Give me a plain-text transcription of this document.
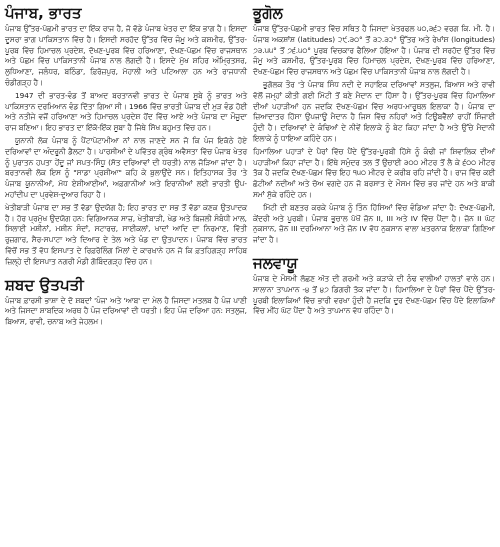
ਪੰਜਾਬ, ਭਾਰਤ

ਪੰਜਾਬ ਉੱਤਰ-ਪੱਛਮੀ ਭਾਰਤ ਦਾ ਇੱਕ ਰਾਜ ਹੈ, ਜੋ ਵੱਡੇ ਪੰਜਾਬ ਖੇਤਰ ਦਾ ਇੱਕ ਭਾਗ ਹੈ। ਇਸਦਾ ਦੂਸਰਾ ਭਾਗ ਪਾਕਿਸਤਾਨ ਵਿੱਚ ਹੈ। ਇਸਦੀ ਸਰਹੱਦ ਉੱਤਰ ਵਿੱਚ ਜੰਮੂ ਅਤੇ ਕਸ਼ਮੀਰ, ਉੱਤਰ-ਪੂਰਬ ਵਿੱਚ ਹਿਮਾਚਲ ਪ੍ਰਦੇਸ਼, ਦੱਖਣ-ਪੂਰਬ ਵਿੱਚ ਹਰਿਆਣਾ, ਦੱਖਣ-ਪੱਛਮ ਵਿੱਚ ਰਾਜਸਥਾਨ ਅਤੇ ਪੱਛਮ ਵਿੱਚ ਪਾਕਿਸਤਾਨੀ ਪੰਜਾਬ ਨਾਲ ਲੱਗਦੀ ਹੈ। ਇਸਦੇ ਮੁੱਖ ਸ਼ਹਿਰ ਅੰਮ੍ਰਿਤਸਰ, ਲੁਧਿਆਣਾ, ਜਲੰਧਰ, ਬਠਿੰਡਾ, ਫ਼ਿਰੋਜ਼ਪੁਰ, ਮੋਹਾਲੀ ਅਤੇ ਪਟਿਆਲਾ ਹਨ ਅਤੇ ਰਾਜਧਾਨੀ ਚੰਡੀਗੜ੍ਹ ਹੈ।

1947 ਦੀ ਭਾਰਤ-ਵੰਡ ਤੋਂ ਬਾਅਦ ਬਰਤਾਨਵੀ ਭਾਰਤ ਦੇ ਪੰਜਾਬ ਸੂਬੇ ਨੂੰ ਭਾਰਤ ਅਤੇ ਪਾਕਿਸਤਾਨ ਦਰਮਿਆਨ ਵੰਡ ਦਿੱਤਾ ਗਿਆ ਸੀ। 1966 ਵਿੱਚ ਭਾਰਤੀ ਪੰਜਾਬ ਦੀ ਮੁੜ ਵੰਡ ਹੋਈ ਅਤੇ ਨਤੀਜੇ ਵਜੋਂ ਹਰਿਆਣਾ ਅਤੇ ਹਿਮਾਚਲ ਪ੍ਰਦੇਸ਼ ਹੋਂਦ ਵਿੱਚ ਆਏ ਅਤੇ ਪੰਜਾਬ ਦਾ ਮੌਜੂਦਾ ਰਾਜ ਬਣਿਆ। ਇਹ ਭਾਰਤ ਦਾ ਇੱਕੋ-ਇੱਕ ਸੂਬਾ ਹੈ ਜਿੱਥੇ ਸਿੱਖ ਬਹੁਮਤ ਵਿੱਚ ਹਨ।

ਯੂਨਾਨੀ ਲੋਕ ਪੰਜਾਬ ਨੂੰ ਪੈਂਟਾਪੋਟਾਮੀਆ ਨਾਂ ਨਾਲ ਜਾਣਦੇ ਸਨ ਜੋ ਕਿ ਪੰਜ ਇਕੱਠੇ ਹੋਏ ਦਰਿਆਵਾਂ ਦਾ ਅੰਦਰੂਨੀ ਡੈਲਟਾ ਹੈ। ਪਾਰਸੀਆਂ ਦੇ ਪਵਿੱਤਰ ਗ੍ਰੰਥ ਅਵੈਸਤਾ ਵਿੱਚ ਪੰਜਾਬ ਖੇਤਰ ਨੂੰ ਪੁਰਾਤਨ ਹਪਤਾ ਹੇਂਦੂ ਜਾਂ ਸਪਤ-ਸਿੰਧੂ (ਸੱਤ ਦਰਿਆਵਾਂ ਦੀ ਧਰਤੀ) ਨਾਲ ਜੋੜਿਆ ਜਾਂਦਾ ਹੈ। ਬਰਤਾਨਵੀ ਲੋਕ ਇਸ ਨੂੰ "ਸਾਡਾ ਪ੍ਰਸ਼ੀਆ" ਕਹਿ ਕੇ ਬੁਲਾਉਂਦੇ ਸਨ। ਇਤਿਹਾਸਕ ਤੌਰ 'ਤੇ ਪੰਜਾਬ ਯੂਨਾਨੀਆਂ, ਮੱਧ ਏਸ਼ੀਆਈਆਂ, ਅਫ਼ਗਾਨੀਆਂ ਅਤੇ ਇਰਾਨੀਆਂ ਲਈ ਭਾਰਤੀ ਉਪ-ਮਹਾਂਦੀਪ ਦਾ ਪ੍ਰਵੇਸ਼-ਦੁਆਰ ਰਿਹਾ ਹੈ।

ਖੇਤੀਬਾੜੀ ਪੰਜਾਬ ਦਾ ਸਭ ਤੋਂ ਵੱਡਾ ਉਦਯੋਗ ਹੈ; ਇਹ ਭਾਰਤ ਦਾ ਸਭ ਤੋਂ ਵੱਡਾ ਕਣਕ ਉਤਪਾਦਕ ਹੈ। ਹੋਰ ਪ੍ਰਮੁੱਖ ਉਦਯੋਗ ਹਨ: ਵਿਗਿਆਨਕ ਸਾਜ਼, ਖੇਤੀਬਾੜੀ, ਖੇਡ ਅਤੇ ਬਿਜਲੀ ਸੰਬੰਧੀ ਮਾਲ, ਸਿਲਾਈ ਮਸ਼ੀਨਾਂ, ਮਸ਼ੀਨ ਸੰਦਾਂ, ਸਟਾਰਚ, ਸਾਈਕਲਾਂ, ਖਾਦਾਂ ਆਦਿ ਦਾ ਨਿਰਮਾਣ, ਵਿੱਤੀ ਰੁਜ਼ਗਾਰ, ਸੈਰ-ਸਪਾਟਾ ਅਤੇ ਦਿਆਰ ਦੇ ਤੇਲ ਅਤੇ ਖੰਡ ਦਾ ਉਤਪਾਦਨ। ਪੰਜਾਬ ਵਿੱਚ ਭਾਰਤ ਵਿੱਚੋਂ ਸਭ ਤੋਂ ਵੱਧ ਇਸਪਾਤ ਦੇ ਰਿਫ਼ਰੋਲਿੰਗ ਮਿੱਲਾਂ ਦੇ ਕਾਰਖ਼ਾਨੇ ਹਨ ਜੋ ਕਿ ਫ਼ਤਹਿਗੜ੍ਹ ਸਾਹਿਬ ਜ਼ਿਲ੍ਹੇ ਦੀ ਇਸਪਾਤ ਨਗਰੀ ਮੰਡੀ ਗੋਬਿੰਦਗੜ੍ਹ ਵਿੱਚ ਹਨ।

ਸ਼ਬਦ ਉਤਪਤੀ

ਪੰਜਾਬ ਫ਼ਾਰਸੀ ਭਾਸ਼ਾ ਦੇ ਦੋ ਸ਼ਬਦਾਂ 'ਪੰਜ' ਅਤੇ 'ਆਬ' ਦਾ ਮੇਲ ਹੈ ਜਿਸਦਾ ਮਤਲਬ ਹੈ ਪੰਜ ਪਾਣੀ ਅਤੇ ਜਿਸਦਾ ਸ਼ਾਬਦਿਕ ਅਰਥ ਹੈ ਪੰਜ ਦਰਿਆਵਾਂ ਦੀ ਧਰਤੀ। ਇਹ ਪੰਜ ਦਰਿਆ ਹਨ: ਸਤਲੁਜ, ਬਿਆਸ, ਰਾਵੀ, ਚਨਾਬ ਅਤੇ ਜੇਹਲਮ।

ਭੂਗੋਲ

ਪੰਜਾਬ ਉੱਤਰ-ਪੱਛਮੀ ਭਾਰਤ ਵਿੱਚ ਸਥਿਤ ਹੈ ਜਿਸਦਾ ਖੇਤਰਫਲ ੫੦,੩੬੨ ਵਰਗ ਕਿ. ਮੀ. ਹੈ। ਪੰਜਾਬ ਅਕਸ਼ਾਂਸ਼ (latitudes) ੨੯.੩੦° ਤੋਂ ੩੨.੩੨° ਉੱਤਰ ਅਤੇ ਰੇਖਾਂਸ਼ (longitudes) ੭੩.੫੫° ਤੋਂ ੭੬.੫੦° ਪੂਰਬ ਵਿਚਕਾਰ ਫੈਲਿਆ ਹੋਇਆ ਹੈ। ਪੰਜਾਬ ਦੀ ਸਰਹੱਦ ਉੱਤਰ ਵਿੱਚ ਜੰਮੂ ਅਤੇ ਕਸ਼ਮੀਰ, ਉੱਤਰ-ਪੂਰਬ ਵਿੱਚ ਹਿਮਾਚਲ ਪ੍ਰਦੇਸ਼, ਦੱਖਣ-ਪੂਰਬ ਵਿੱਚ ਹਰਿਆਣਾ, ਦੱਖਣ-ਪੱਛਮ ਵਿੱਚ ਰਾਜਸਥਾਨ ਅਤੇ ਪੱਛਮ ਵਿੱਚ ਪਾਕਿਸਤਾਨੀ ਪੰਜਾਬ ਨਾਲ ਲੱਗਦੀ ਹੈ।

ਭੂਗੋਲਕ ਤੌਰ 'ਤੇ ਪੰਜਾਬ ਸਿੰਧ ਨਦੀ ਦੇ ਸਹਾਇਕ ਦਰਿਆਵਾਂ ਸਤਲੁਜ, ਬਿਆਸ ਅਤੇ ਰਾਵੀ ਵੱਲੋਂ ਜਮ੍ਹਾਂ ਕੀਤੀ ਗਈ ਮਿੱਟੀ ਤੋਂ ਬਣੇ ਮੈਦਾਨ ਦਾ ਹਿੱਸਾ ਹੈ। ਉੱਤਰ-ਪੂਰਬ ਵਿੱਚ ਹਿਮਾਲਿਆ ਦੀਆਂ ਪਹਾੜੀਆਂ ਹਨ ਜਦਕਿ ਦੱਖਣ-ਪੱਛਮ ਵਿੱਚ ਅਰਧ-ਮਾਰੂਥਲ ਇਲਾਕਾ ਹੈ। ਪੰਜਾਬ ਦਾ ਜ਼ਿਆਦਾਤਰ ਹਿੱਸਾ ਉਪਜਾਊ ਮੈਦਾਨ ਹੈ ਜਿਸ ਵਿੱਚ ਨਹਿਰਾਂ ਅਤੇ ਟਿਊਬਵੈੱਲਾਂ ਰਾਹੀਂ ਸਿੰਜਾਈ ਹੁੰਦੀ ਹੈ। ਦਰਿਆਵਾਂ ਦੇ ਕੰਢਿਆਂ ਦੇ ਨੀਵੇਂ ਇਲਾਕੇ ਨੂੰ ਬੇਟ ਕਿਹਾ ਜਾਂਦਾ ਹੈ ਅਤੇ ਉੱਚੇ ਮੈਦਾਨੀ ਇਲਾਕੇ ਨੂੰ ਧਾਇਆ ਕਹਿੰਦੇ ਹਨ।

ਹਿਮਾਲਿਆ ਪਹਾੜਾਂ ਦੇ ਪੈਰਾਂ ਵਿੱਚ ਪੈਂਦੇ ਉੱਤਰ-ਪੂਰਬੀ ਹਿੱਸੇ ਨੂੰ ਕੰਢੀ ਜਾਂ ਸ਼ਿਵਾਲਿਕ ਦੀਆਂ ਪਹਾੜੀਆਂ ਕਿਹਾ ਜਾਂਦਾ ਹੈ। ਇੱਥੇ ਸਮੁੰਦਰ ਤਲ ਤੋਂ ਉਚਾਈ ੩੦੦ ਮੀਟਰ ਤੋਂ ਲੈ ਕੇ ੬੦੦ ਮੀਟਰ ਤੱਕ ਹੈ ਜਦਕਿ ਦੱਖਣ-ਪੱਛਮ ਵਿੱਚ ਇਹ ੧੫੦ ਮੀਟਰ ਦੇ ਕਰੀਬ ਰਹਿ ਜਾਂਦੀ ਹੈ। ਰਾਜ ਵਿੱਚ ਕਈ ਛੋਟੀਆਂ ਨਦੀਆਂ ਅਤੇ ਚੋਅ ਵਗਦੇ ਹਨ ਜੋ ਬਰਸਾਤ ਦੇ ਮੌਸਮ ਵਿੱਚ ਭਰ ਜਾਂਦੇ ਹਨ ਅਤੇ ਬਾਕੀ ਸਮਾਂ ਸੁੱਕੇ ਰਹਿੰਦੇ ਹਨ।

ਮਿੱਟੀ ਦੀ ਬਣਤਰ ਕਰਕੇ ਪੰਜਾਬ ਨੂੰ ਤਿੰਨ ਹਿੱਸਿਆਂ ਵਿੱਚ ਵੰਡਿਆ ਜਾਂਦਾ ਹੈ: ਦੱਖਣ-ਪੱਛਮੀ, ਕੇਂਦਰੀ ਅਤੇ ਪੂਰਬੀ। ਪੰਜਾਬ ਭੂਚਾਲ ਪੱਖੋਂ ਜ਼ੋਨ II, III ਅਤੇ IV ਵਿੱਚ ਪੈਂਦਾ ਹੈ। ਜ਼ੋਨ II ਘੱਟ ਨੁਕਸਾਨ, ਜ਼ੋਨ III ਦਰਮਿਆਨਾ ਅਤੇ ਜ਼ੋਨ IV ਵੱਧ ਨੁਕਸਾਨ ਵਾਲਾ ਖ਼ਤਰਨਾਕ ਇਲਾਕਾ ਗਿਣਿਆ ਜਾਂਦਾ ਹੈ।

ਜਲਵਾਯੂ

ਪੰਜਾਬ ਦੇ ਮੌਸਮੀ ਲੱਛਣ ਅੱਤ ਦੀ ਗਰਮੀ ਅਤੇ ਕੜਾਕੇ ਦੀ ਠੰਢ ਵਾਲੀਆਂ ਹਾਲਤਾਂ ਵਾਲੇ ਹਨ। ਸਾਲਾਨਾ ਤਾਪਮਾਨ -੪ ਤੋਂ ੪੭ ਡਿਗਰੀ ਤੱਕ ਜਾਂਦਾ ਹੈ। ਹਿਮਾਲਿਆ ਦੇ ਪੈਰਾਂ ਵਿੱਚ ਪੈਂਦੇ ਉੱਤਰ-ਪੂਰਬੀ ਇਲਾਕਿਆਂ ਵਿੱਚ ਭਾਰੀ ਵਰਖਾ ਹੁੰਦੀ ਹੈ ਜਦਕਿ ਦੂਰ ਦੱਖਣ-ਪੱਛਮ ਵਿੱਚ ਪੈਂਦੇ ਇਲਾਕਿਆਂ ਵਿੱਚ ਮੀਂਹ ਘੱਟ ਪੈਂਦਾ ਹੈ ਅਤੇ ਤਾਪਮਾਨ ਵੱਧ ਰਹਿੰਦਾ ਹੈ।
